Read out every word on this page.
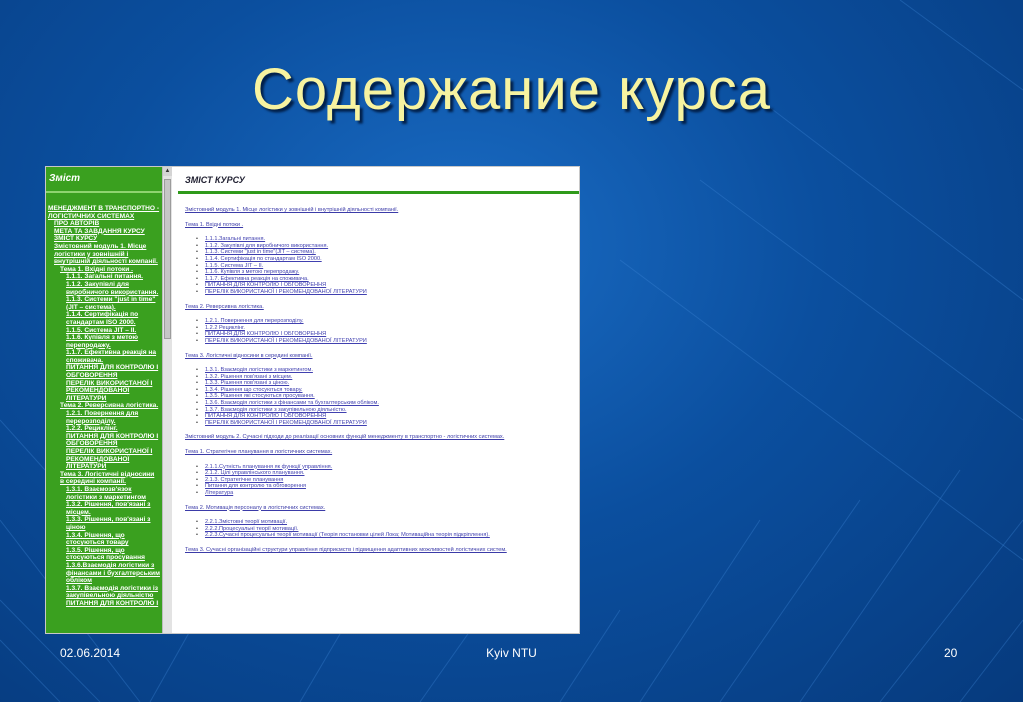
Содержание курса
Зміст
МЕНЕДЖМЕНТ В ТРАНСПОРТНО - ЛОГІСТИЧНИХ СИСТЕМАХ
ПРО АВТОРІВ
МЕТА ТА ЗАВДАННЯ КУРСУ
ЗМІСТ КУРСУ
Змістовний модуль 1. Місце логістики у зовнішній і внутрішній діяльності компанії.
Тема 1. Вхідні потоки .
1.1.1. Загальні питання.
1.1.2. Закупівлі для виробничого використання.
1.1.3. Системи "just in time"(JIT – система).
1.1.4. Сертифікація по стандартам ISO 2000.
1.1.5. Система JIT – II.
1.1.6. Купівля з метою перепродажу.
1.1.7. Ефективна реакція на споживача.
ПИТАННЯ ДЛЯ КОНТРОЛЮ І ОБГОВОРЕННЯ
ПЕРЕЛІК ВИКОРИСТАНОЇ І РЕКОМЕНДОВАНОЇ ЛІТЕРАТУРИ
Тема 2. Реверсивна логістика.
1.2.1. Повернення для перерозподілу.
1.2.2. Рециклінг.
ПИТАННЯ ДЛЯ КОНТРОЛЮ І ОБГОВОРЕННЯ
ПЕРЕЛІК ВИКОРИСТАНОЇ І РЕКОМЕНДОВАНОЇ ЛІТЕРАТУРИ
Тема 3. Логістичні відносини в середині компанії.
1.3.1. Взаємозв'язок логістики з маркетингом
1.3.2. Рішення, пов'язані з місцем.
1.3.3. Рішення, пов'язані з ціною
1.3.4. Рішення, що стосуються товару
1.3.5. Рішення, що стосуються просування
1.3.6.Взаємодія логістики з фінансами і бухгалтерським обліком
1.3.7. Взаємодія логістики із закупівельною діяльністю
ПИТАННЯ ДЛЯ КОНТРОЛЮ І
▲
ЗМІСТ КУРСУ
Змістовний модуль 1. Місце логістики у зовнішній і внутрішній діяльності компанії.
Тема 1. Вхідні потоки .
• 1.1.1.Загальні питання.
• 1.1.2. Закупівлі для виробничого використання.
• 1.1.3. Системи "just in time"(JIT – система).
• 1.1.4. Сертифікація по стандартам ISO 2000.
• 1.1.5. Система JIT – II.
• 1.1.6. Купівля з метою перепродажу.
• 1.1.7. Ефективна реакція на споживача.
• ПИТАННЯ ДЛЯ КОНТРОЛЮ І ОБГОВОРЕННЯ
• ПЕРЕЛІК ВИКОРИСТАНОЇ І РЕКОМЕНДОВАНОЇ ЛІТЕРАТУРИ
Тема 2. Реверсивна логістика.
• 1.2.1. Повернення для перерозподілу.
• 1.2.2 Рециклінг.
• ПИТАННЯ ДЛЯ КОНТРОЛЮ І ОБГОВОРЕННЯ
• ПЕРЕЛІК ВИКОРИСТАНОЇ І РЕКОМЕНДОВАНОЇ ЛІТЕРАТУРИ
Тема 3. Логістичні відносини в середині компанії.
• 1.3.1. Взаємодія логістики з маркетингом.
• 1.3.2. Рішення пов'язані з місцем.
• 1.3.3. Рішення пов'язані з ціною.
• 1.3.4. Рішення що стосуються товару.
• 1.3.5. Рішення які стосуються просування.
• 1.3.6. Взаємодія логістики з фінансами та бухгалтерським обліком.
• 1.3.7. Взаємодія логістики з закупівельною діяльністю.
• ПИТАННЯ ДЛЯ КОНТРОЛЮ І ОБГОВОРЕННЯ
• ПЕРЕЛІК ВИКОРИСТАНОЇ І РЕКОМЕНДОВАНОЇ ЛІТЕРАТУРИ
Змістовний модуль 2. Сучасні підходи до реалізації основних функцій менеджменту в транспортно - логістичних системах.
Тема 1. Стратегічне планування в логістичних системах.
• 2.1.1.Сутність планування як функції управління.
• 2.1.2. Цілі управлінського планування.
• 2.1.3. Стратегічне планування
• Питання для контролю та обговорення
• Література
Тема 2. Мотивація персоналу в логістичних системах.
• 2.2.1.Змістовні теорії мотивації.
• 2.2.2.Процесуальні теорії мотивації.
• 2.2.3.Сучасні процесуальні теорії мотивації (Теорія постановки цілей Лока; Мотиваційна теорія підкріплення).
Тема 3. Сучасні організаційні структури управління підприємств і підвищення адаптивних можливостей логістичних систем.
02.06.2014	Kyiv NTU	20
